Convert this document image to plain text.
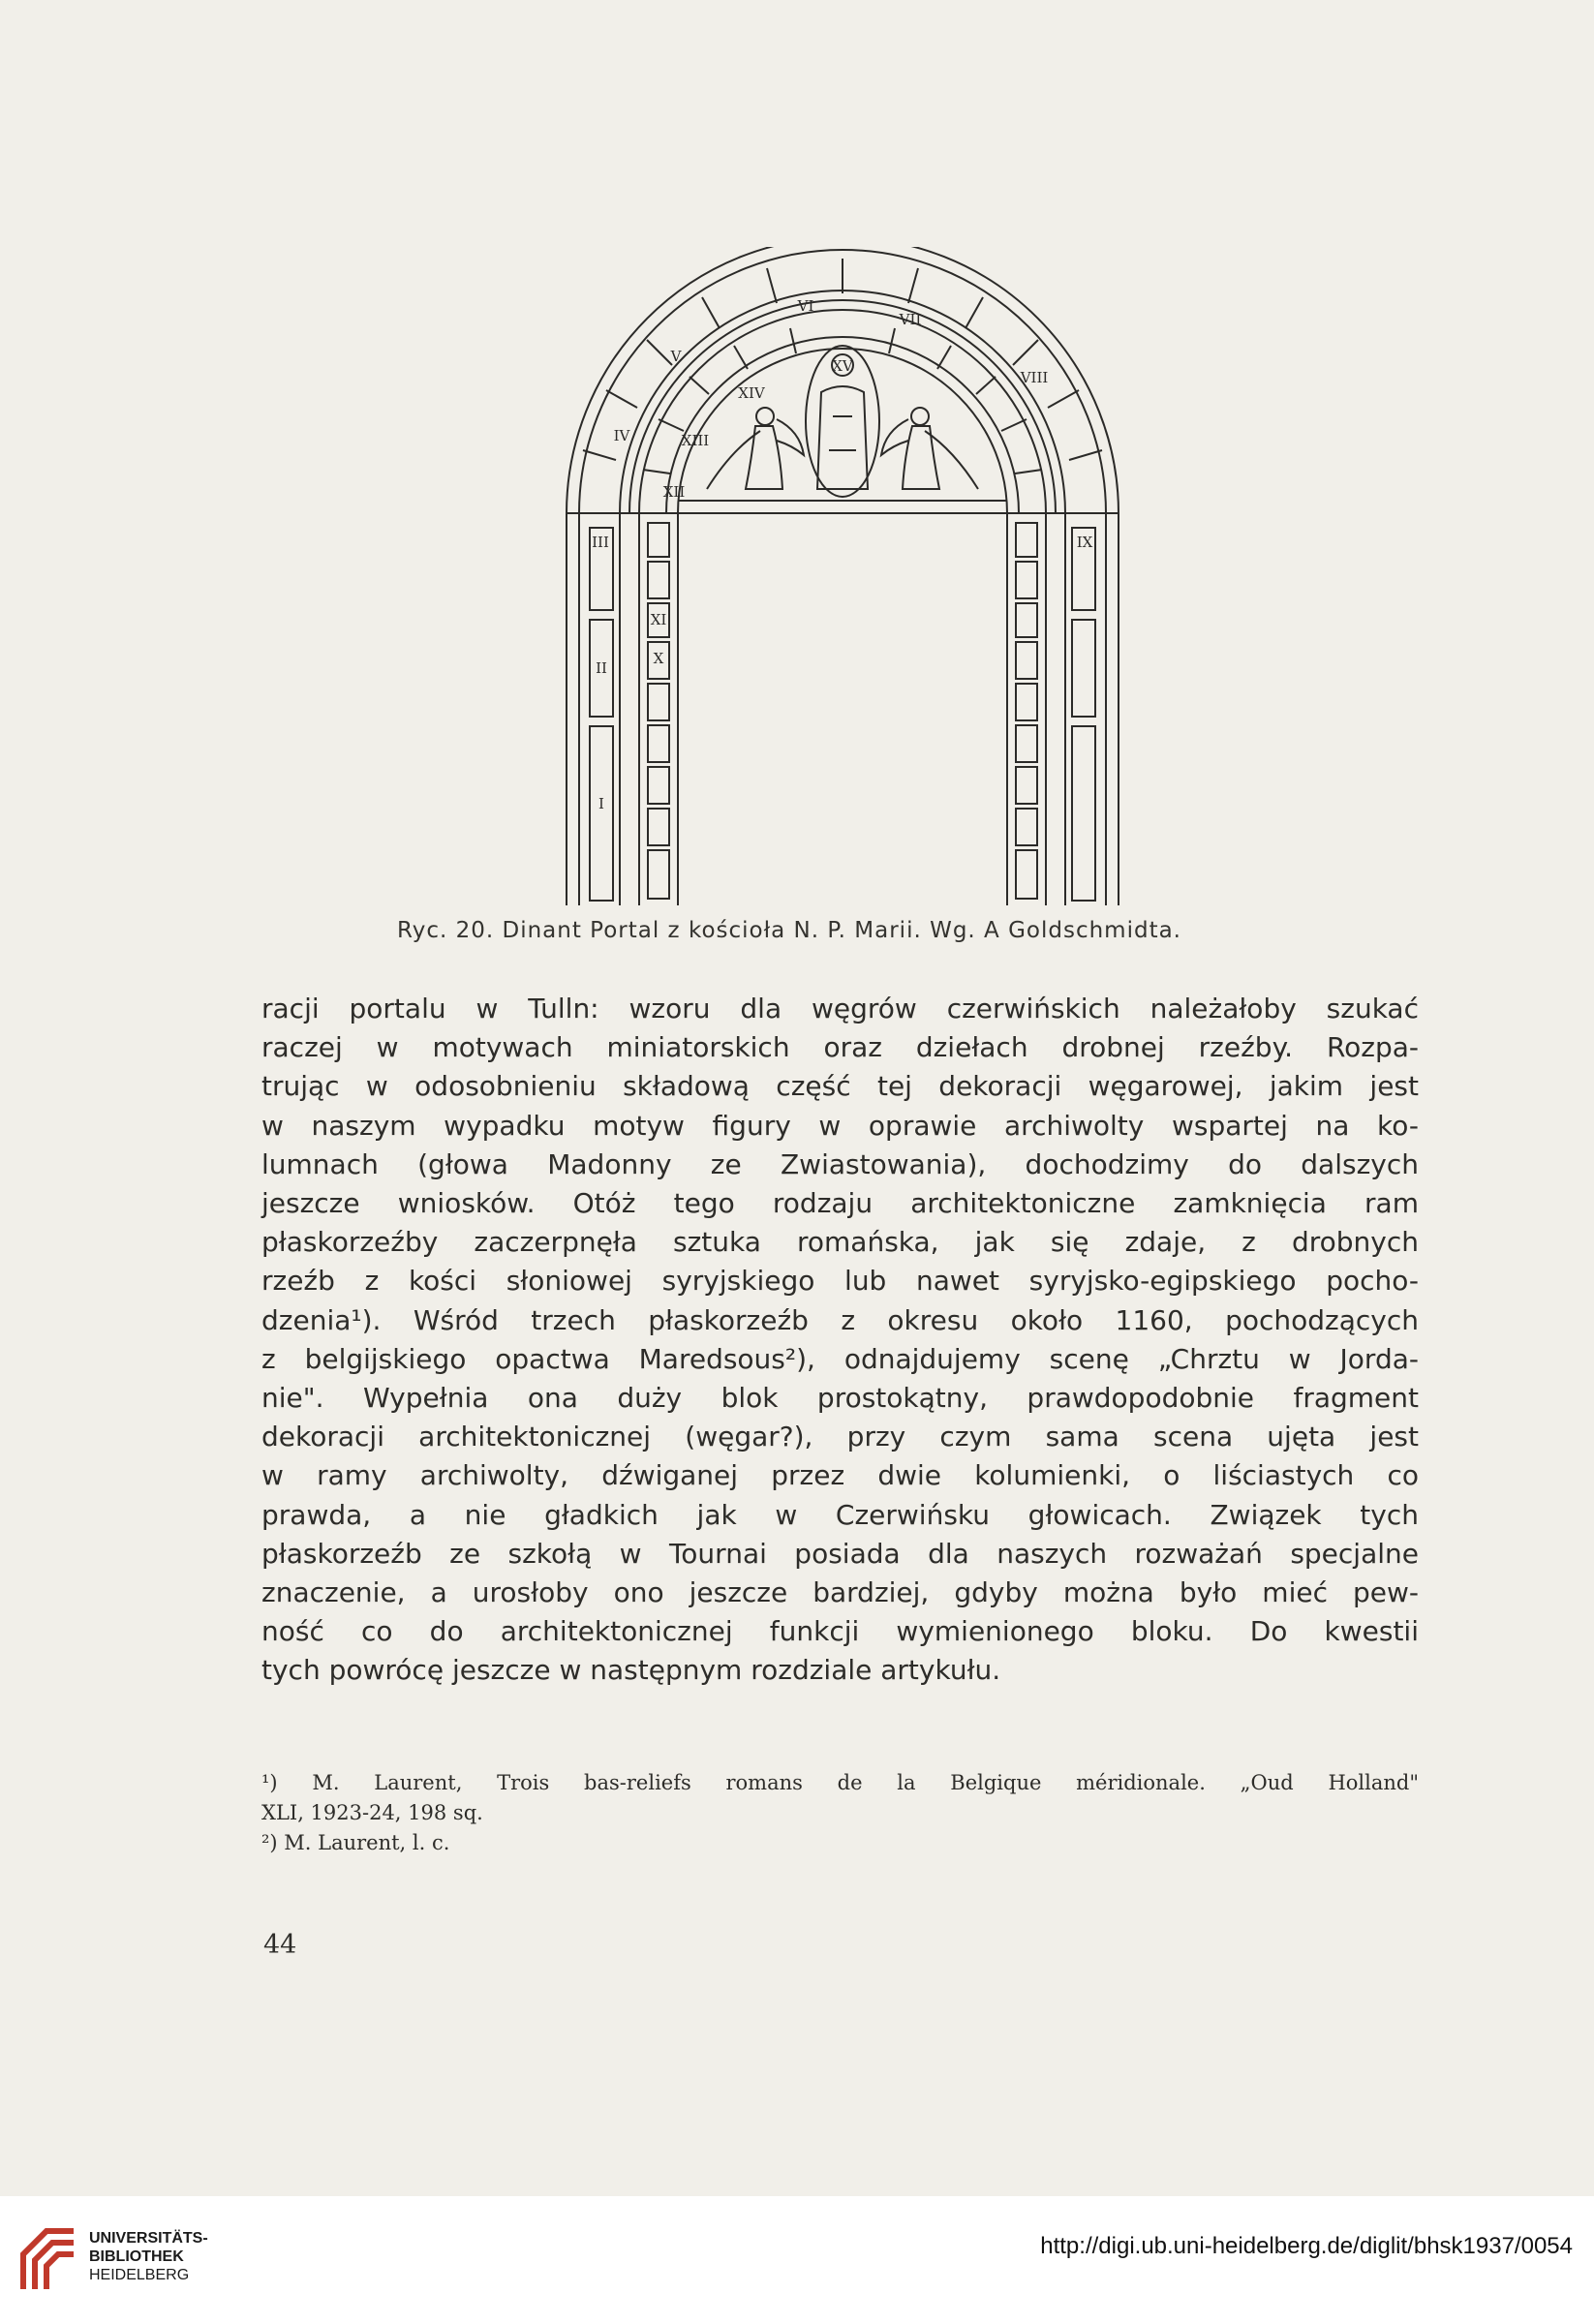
I
II
III
IV
V
VI
VII
VIII
IX
X
XI
XII
XIII
XIV
XV
Ryc. 20. Dinant Portal z kościoła N. P. Marii. Wg. A Goldschmidta.
racji portalu w Tulln: wzoru dla węgrów czerwińskich należałoby szukać
raczej w motywach miniatorskich oraz dziełach drobnej rzeźby. Rozpa-
trując w odosobnieniu składową część tej dekoracji węgarowej, jakim jest
w naszym wypadku motyw figury w oprawie archiwolty wspartej na ko-
lumnach (głowa Madonny ze Zwiastowania), dochodzimy do dalszych
jeszcze wniosków. Otóż tego rodzaju architektoniczne zamknięcia ram
płaskorzeźby zaczerpnęła sztuka romańska, jak się zdaje, z drobnych
rzeźb z kości słoniowej syryjskiego lub nawet syryjsko-egipskiego pocho-
dzenia¹). Wśród trzech płaskorzeźb z okresu około 1160, pochodzących
z belgijskiego opactwa Maredsous²), odnajdujemy scenę „Chrztu w Jorda-
nie". Wypełnia ona duży blok prostokątny, prawdopodobnie fragment
dekoracji architektonicznej (węgar?), przy czym sama scena ujęta jest
w ramy archiwolty, dźwiganej przez dwie kolumienki, o liściastych co
prawda, a nie gładkich jak w Czerwińsku głowicach. Związek tych
płaskorzeźb ze szkołą w Tournai posiada dla naszych rozważań specjalne
znaczenie, a urosłoby ono jeszcze bardziej, gdyby można było mieć pew-
ność co do architektonicznej funkcji wymienionego bloku. Do kwestii
tych powrócę jeszcze w następnym rozdziale artykułu.
¹) M. Laurent, Trois bas-reliefs romans de la Belgique méridionale. „Oud Holland"
XLI, 1923-24, 198 sq.
²) M. Laurent, l. c.
44
UNIVERSITÄTS-
BIBLIOTHEK
HEIDELBERG
http://digi.ub.uni-heidelberg.de/diglit/bhsk1937/0054
